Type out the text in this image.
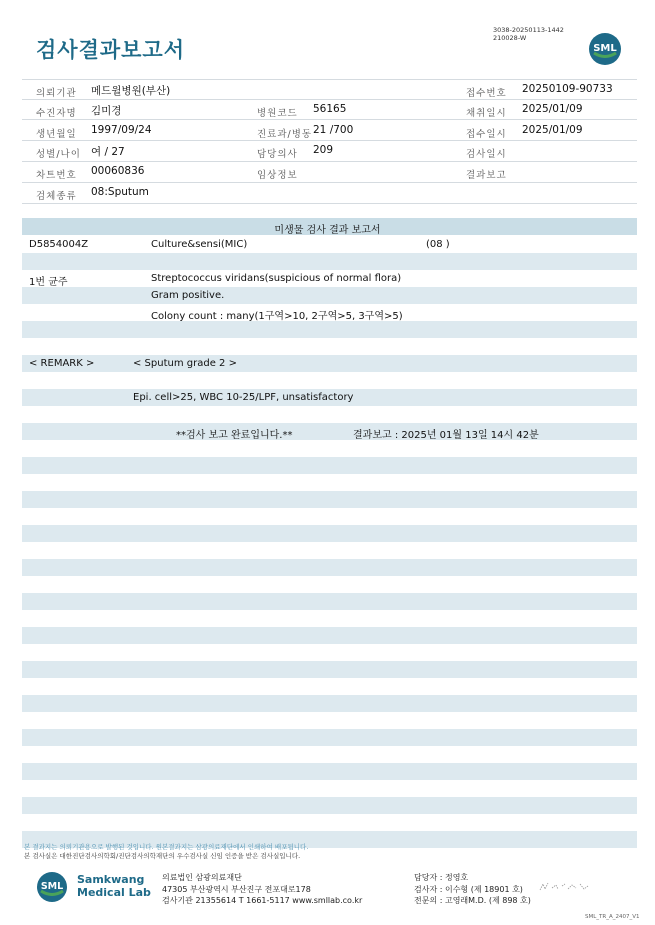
검사결과보고서
3038-20250113-1442
210028-W
SML
의뢰기관 메드윌병원(부산)	접수번호 20250109-90733
수진자명 김미경	병원코드 56165	채취일시 2025/01/09
생년월일 1997/09/24	진료과/병동 21 /700	접수일시 2025/01/09
성별/나이 여 / 27	담당의사 209	검사일시
차트번호 00060836	임상정보	결과보고
검체종류 08:Sputum
미생물 검사 결과 보고서
D5854004Z	Culture&sensi(MIC)	(08 )
1번 균주	Streptococcus viridans(suspicious of normal flora)
Gram positive.
Colony count : many(1구역>10, 2구역>5, 3구역>5)
< REMARK >	< Sputum grade 2 >
Epi. cell>25, WBC 10-25/LPF, unsatisfactory
**검사 보고 완료입니다.**	결과보고 : 2025년 01월 13일 14시 42분
본 결과지는 의뢰기관용으로 발행된 것입니다. 원본결과지는 삼광의료재단에서 인쇄하여 배포됩니다.
본 검사실은 대한진단검사의학회/진단검사의학재단의 우수검사실 신임 인증을 받은 검사실입니다.
SML
Samkwang
Medical Lab
의료법인 삼광의료재단
47305 부산광역시 부산진구 전포대로178
검사기관 21355614 T 1661-5117 www.smllab.co.kr
담당자 : 정영호
검사자 : 이수형 (제 18901 호)
전문의 : 고영래M.D. (제 898 호)
SML_TR_A_2407_V1
